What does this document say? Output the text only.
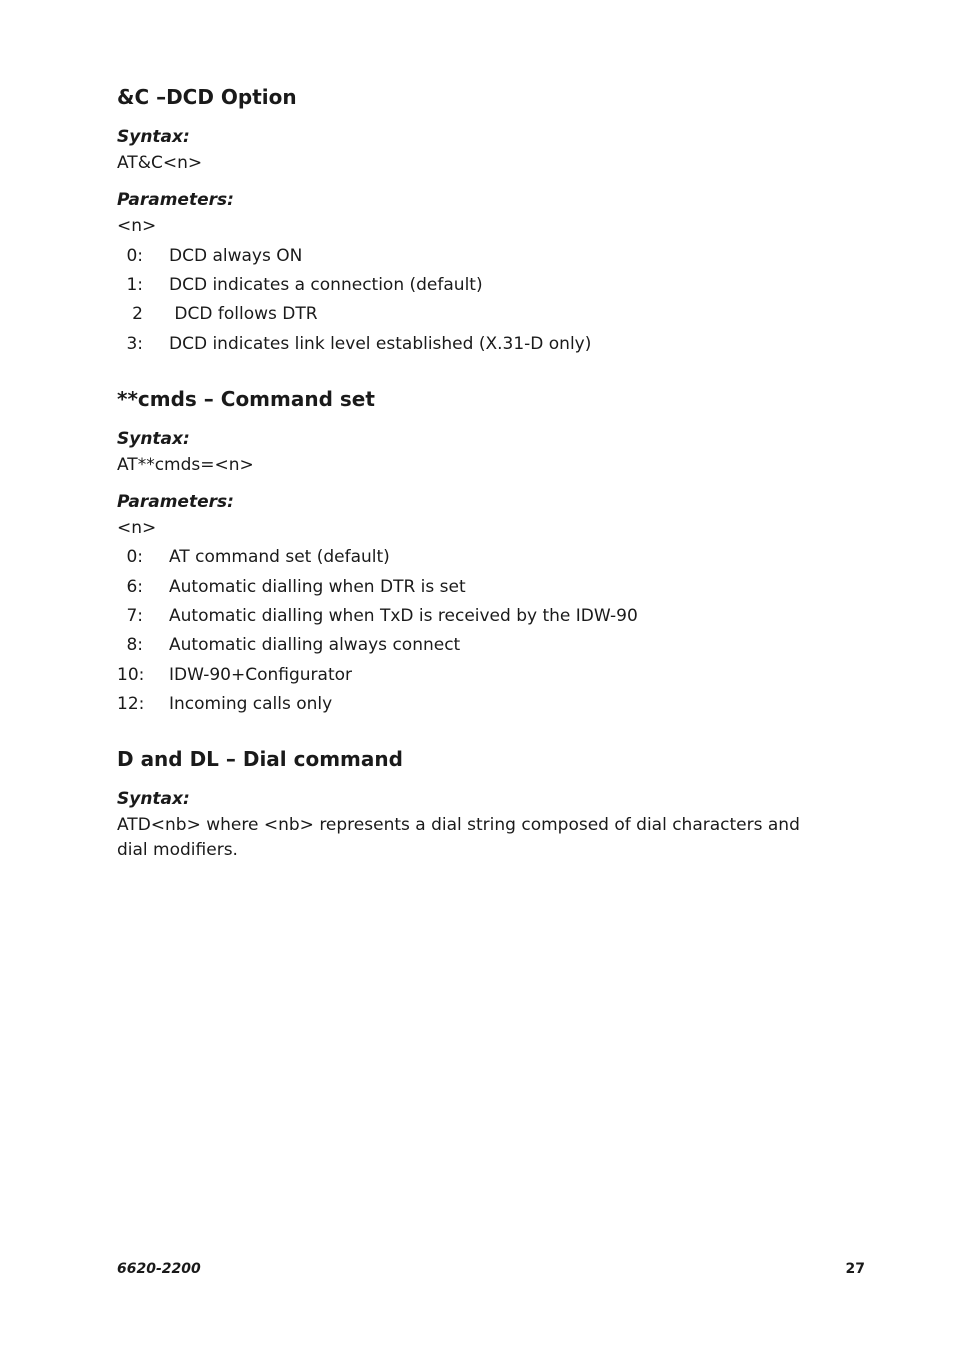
&C –DCD Option
Syntax:
AT&C<n>
Parameters:
<n>
0: DCD always ON
1: DCD indicates a connection (default)
2 DCD follows DTR
3: DCD indicates link level established (X.31-D only)
**cmds – Command set
Syntax:
AT**cmds=<n>
Parameters:
<n>
0: AT command set (default)
6: Automatic dialling when DTR is set
7: Automatic dialling when TxD is received by the IDW-90
8: Automatic dialling always connect
10: IDW-90+Configurator
12: Incoming calls only
D and DL – Dial command
Syntax:
ATD<nb> where <nb> represents a dial string composed of dial characters and dial modifiers.
6620-2200	27
